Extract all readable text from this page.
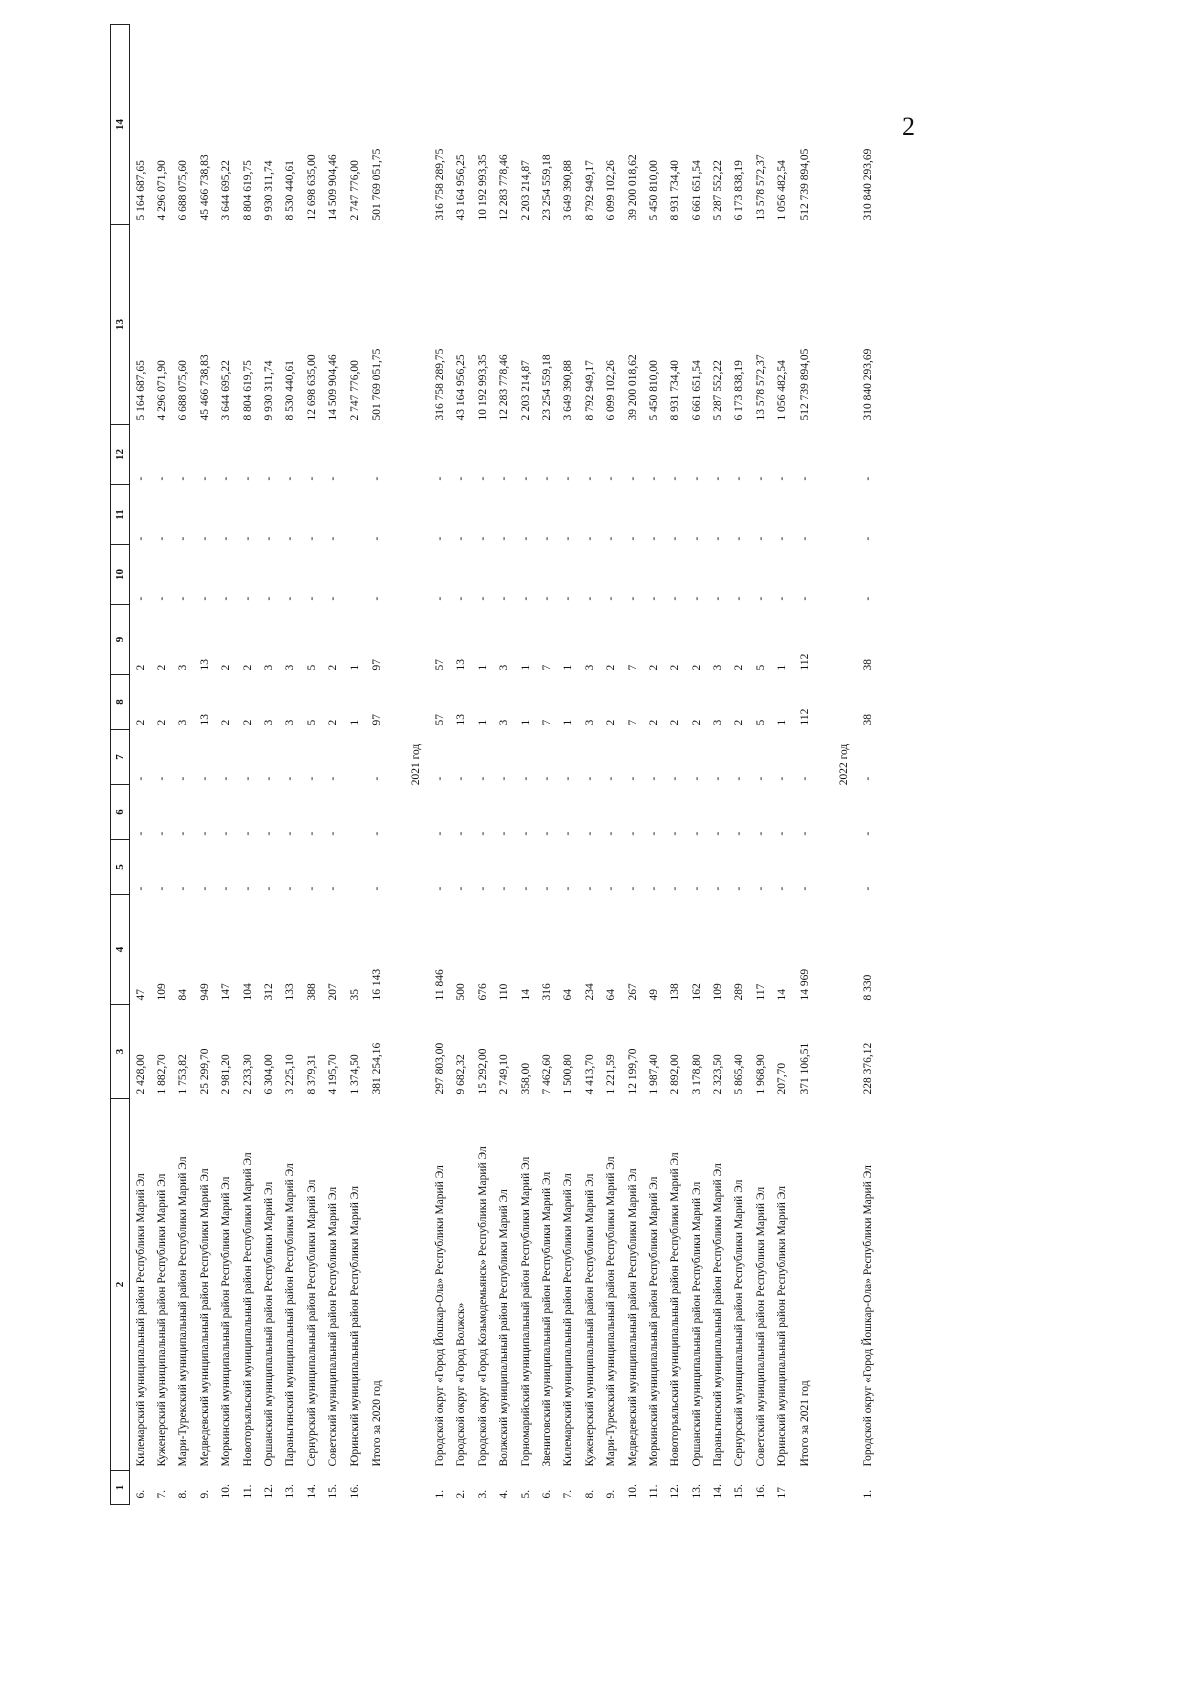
2
1	2	3	4	5	6	7	8	9	10	11	12	13	14
6.	Килемарский муниципальный район Республики Марий Эл	2 428,00	47	-	-	-	2	2	-	-	-	5 164 687,65	5 164 687,65
7.	Куженерский муниципальный район Республики Марий Эл	1 882,70	109	-	-	-	2	2	-	-	-	4 296 071,90	4 296 071,90
8.	Мари-Турекский муниципальный район Республики Марий Эл	1 753,82	84	-	-	-	3	3	-	-	-	6 688 075,60	6 688 075,60
9.	Медведевский муниципальный район Республики Марий Эл	25 299,70	949	-	-	-	13	13	-	-	-	45 466 738,83	45 466 738,83
10.	Моркинский муниципальный район Республики Марий Эл	2 981,20	147	-	-	-	2	2	-	-	-	3 644 695,22	3 644 695,22
11.	Новоторъяльский муниципальный район Республики Марий Эл	2 233,30	104	-	-	-	2	2	-	-	-	8 804 619,75	8 804 619,75
12.	Оршанский муниципальный район Республики Марий Эл	6 304,00	312	-	-	-	3	3	-	-	-	9 930 311,74	9 930 311,74
13.	Параньгинский муниципальный район Республики Марий Эл	3 225,10	133	-	-	-	3	3	-	-	-	8 530 440,61	8 530 440,61
14.	Сернурский муниципальный район Республики Марий Эл	8 379,31	388	-	-	-	5	5	-	-	-	12 698 635,00	12 698 635,00
15.	Советский муниципальный район Республики Марий Эл	4 195,70	207	-	-	-	2	2	-	-	-	14 509 904,46	14 509 904,46
16.	Юринский муниципальный район Республики Марий Эл	1 374,50	35				1	1				2 747 776,00	2 747 776,00
	Итого за 2020 год	381 254,16	16 143	-	-	-	97	97	-	-	-	501 769 051,75	501 769 051,75

2021 год													
1.	Городской округ «Город Йошкар-Ола» Республики Марий Эл	297 803,00	11 846	-	-	-	57	57	-	-	-	316 758 289,75	316 758 289,75
2.	Городской округ «Город Волжск»	9 682,32	500	-	-	-	13	13	-	-	-	43 164 956,25	43 164 956,25
3.	Городской округ «Город Козьмодемьянск» Республики Марий Эл	15 292,00	676	-	-	-	1	1	-	-	-	10 192 993,35	10 192 993,35
4.	Волжский муниципальный район Республики Марий Эл	2 749,10	110	-	-	-	3	3	-	-	-	12 283 778,46	12 283 778,46
5.	Горномарийский муниципальный район Республики Марий Эл	358,00	14	-	-	-	1	1	-	-	-	2 203 214,87	2 203 214,87
6.	Звениговский муниципальный район Республики Марий Эл	7 462,60	316	-	-	-	7	7	-	-	-	23 254 559,18	23 254 559,18
7.	Килемарский муниципальный район Республики Марий Эл	1 500,80	64	-	-	-	1	1	-	-	-	3 649 390,88	3 649 390,88
8.	Куженерский муниципальный район Республики Марий Эл	4 413,70	234	-	-	-	3	3	-	-	-	8 792 949,17	8 792 949,17
9.	Мари-Турекский муниципальный район Республики Марий Эл	1 221,59	64	-	-	-	2	2	-	-	-	6 099 102,26	6 099 102,26
10.	Медведевский муниципальный район Республики Марий Эл	12 199,70	267	-	-	-	7	7	-	-	-	39 200 018,62	39 200 018,62
11.	Моркинский муниципальный район Республики Марий Эл	1 987,40	49	-	-	-	2	2	-	-	-	5 450 810,00	5 450 810,00
12.	Новоторъяльский муниципальный район Республики Марий Эл	2 892,00	138	-	-	-	2	2	-	-	-	8 931 734,40	8 931 734,40
13.	Оршанский муниципальный район Республики Марий Эл	3 178,80	162	-	-	-	2	2	-	-	-	6 661 651,54	6 661 651,54
14.	Параньгинский муниципальный район Республики Марий Эл	2 323,50	109	-	-	-	3	3	-	-	-	5 287 552,22	5 287 552,22
15.	Сернурский муниципальный район Республики Марий Эл	5 865,40	289	-	-	-	2	2	-	-	-	6 173 838,19	6 173 838,19
16.	Советский муниципальный район Республики Марий Эл	1 968,90	117	-	-	-	5	5	-	-	-	13 578 572,37	13 578 572,37
17	Юринский муниципальный район Республики Марий Эл	207,70	14	-	-	-	1	1	-	-	-	1 056 482,54	1 056 482,54
	Итого за 2021 год	371 106,51	14 969	-	-	-	112	112	-	-	-	512 739 894,05	512 739 894,05

2022 год													
1.	Городской округ «Город Йошкар-Ола» Республики Марий Эл	228 376,12	8 330	-	-	-	38	38	-	-	-	310 840 293,69	310 840 293,69
